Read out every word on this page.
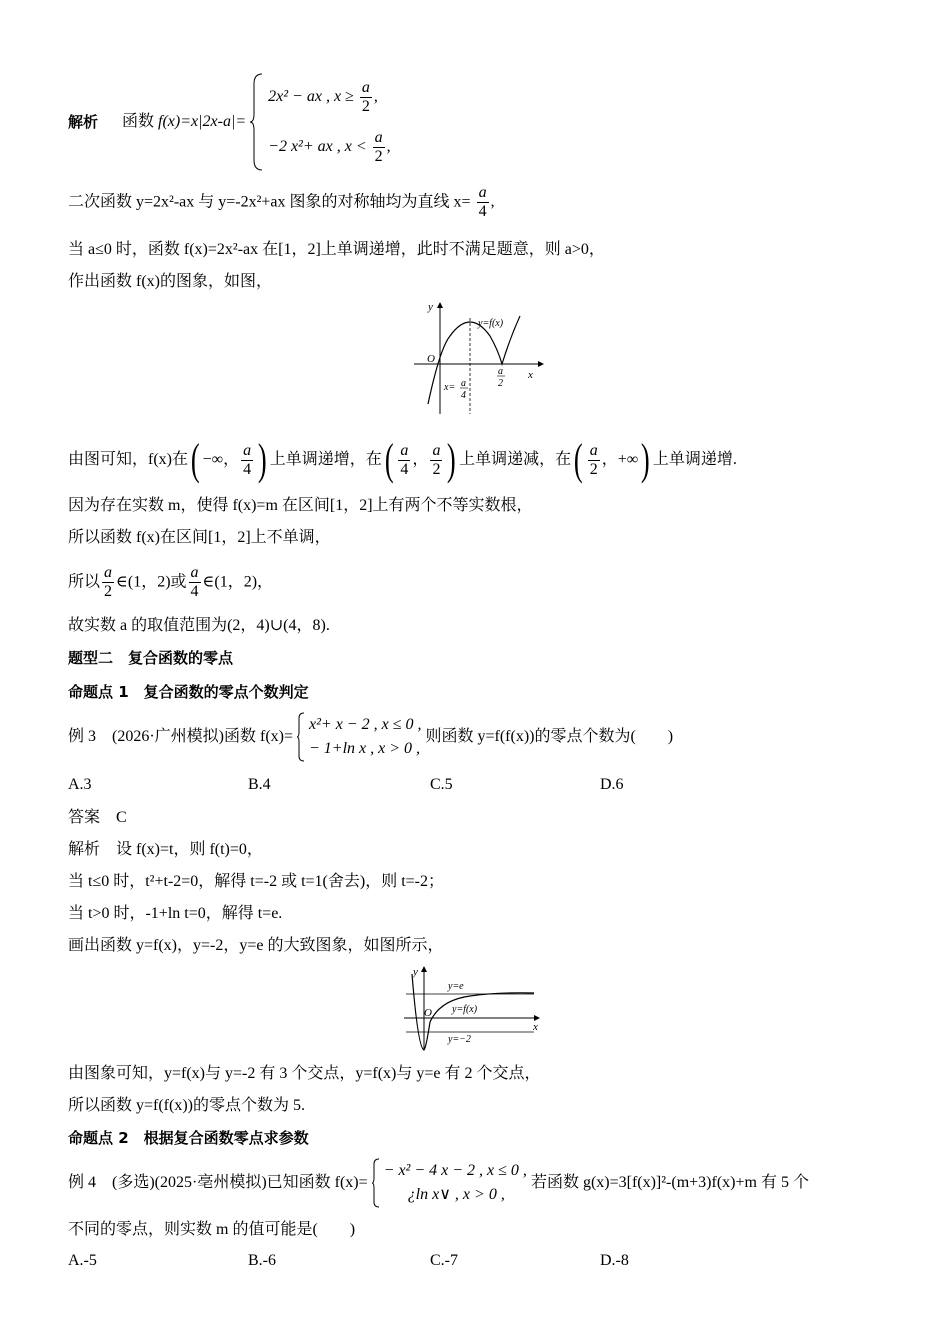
解析 函数 f(x)=x|2x-a|=
2x² − ax , $x \ge \frac{a}{2}$ ,
−2 x²+ ax , $x < \frac{a}{2}$ ,
二次函数 y=2x²-ax 与 y=-2x²+ax 图象的对称轴均为直线 $x= \frac{a}{4}$ ,
当 a≤0 时，函数 f(x)=2x²-ax 在[1，2]上单调递增，此时不满足题意，则 a>0，
作出函数 f(x)的图象，如图，
y
x
O
y=f(x)
x= a
4
a
2
由图可知，f(x)在( −∞， $\frac{a}{4}$ ) 上单调递增，在( $\frac{a}{4}$ ， $\frac{a}{2}$ ) 上单调递减，在( $\frac{a}{2}$ ，+∞) 上单调递增.
因为存在实数 m，使得 f(x)=m 在区间[1，2]上有两个不等实数根，
所以函数 f(x)在区间[1，2]上不单调，
所以 $\frac{a}{2}$ ∈(1，2)或 $\frac{a}{4}$ ∈(1，2)，
故实数 a 的取值范围为(2，4)∪(4，8).
题型二　复合函数的零点
命题点 1　复合函数的零点个数判定
例 3　(2026·广州模拟)函数 f(x)=
x²+ x − 2 , x ≤ 0 ,
− 1+ln x , x > 0 ,
则函数 y=f(f(x))的零点个数为(　　)
A.3	B.4	C.5	D.6
答案　C
解析　设 f(x)=t，则 f(t)=0，
当 t≤0 时，t²+t-2=0，解得 t=-2 或 t=1(舍去)，则 t=-2；
当 t>0 时，-1+ln t=0，解得 t=e.
画出函数 y=f(x)，y=-2，y=e 的大致图象，如图所示，
y
x
O
y=e
y=−2
y=f(x)
由图象可知，y=f(x)与 y=-2 有 3 个交点，y=f(x)与 y=e 有 2 个交点，
所以函数 y=f(f(x))的零点个数为 5.
命题点 2　根据复合函数零点求参数
例 4　(多选)(2025·亳州模拟)已知函数 f(x)=
− x² − 4 x − 2 , x ≤ 0 ,
¿ln x∨ , x > 0 ,
若函数 g(x)=3[f(x)]²-(m+3)f(x)+m 有 5 个
不同的零点，则实数 m 的值可能是(　　)
A.-5	B.-6	C.-7	D.-8
